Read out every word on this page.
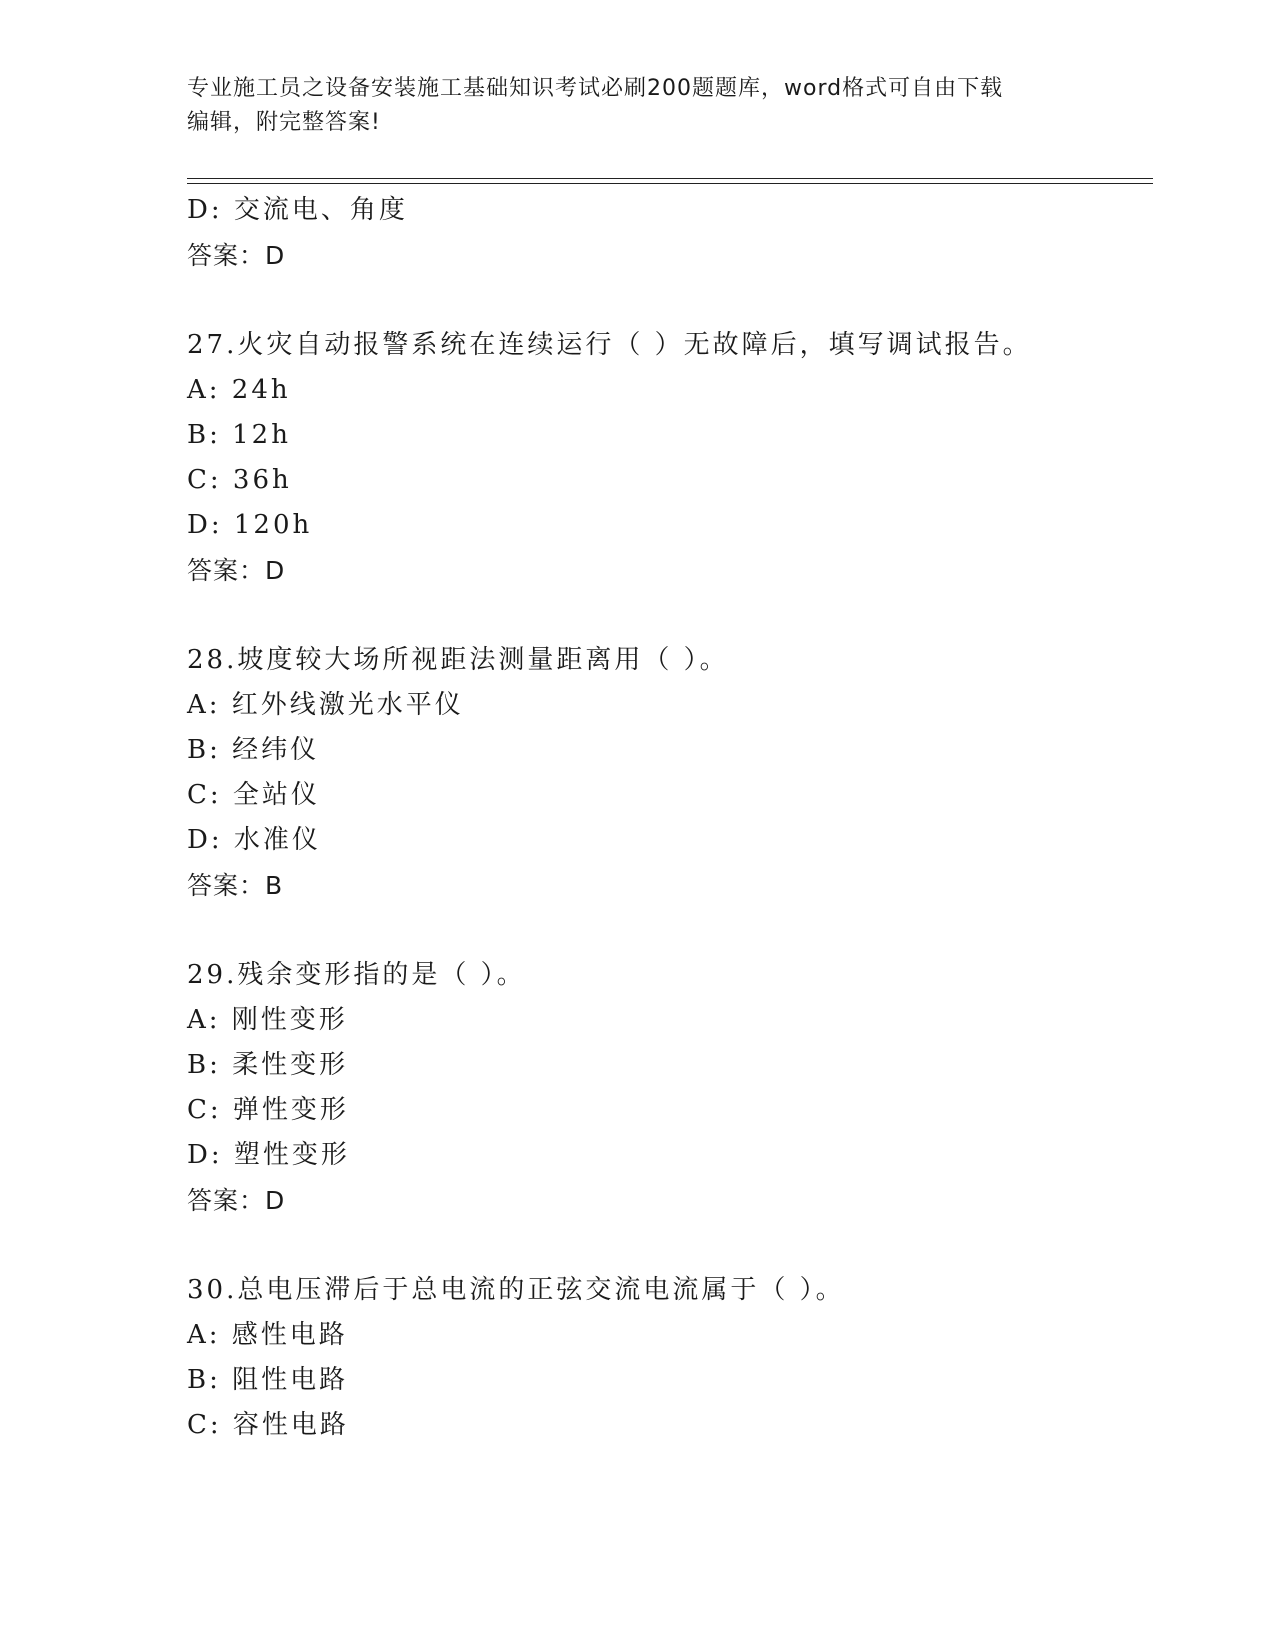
专业施工员之设备安装施工基础知识考试必刷200题题库，word格式可自由下载
编辑，附完整答案!
D: 交流电、角度
答案：D
27.火灾自动报警系统在连续运行（ ）无故障后，填写调试报告。
A: 24h
B: 12h
C: 36h
D: 120h
答案：D
28.坡度较大场所视距法测量距离用（ ）。
A: 红外线激光水平仪
B: 经纬仪
C: 全站仪
D: 水准仪
答案：B
29.残余变形指的是（ ）。
A: 刚性变形
B: 柔性变形
C: 弹性变形
D: 塑性变形
答案：D
30.总电压滞后于总电流的正弦交流电流属于（ ）。
A: 感性电路
B: 阻性电路
C: 容性电路
